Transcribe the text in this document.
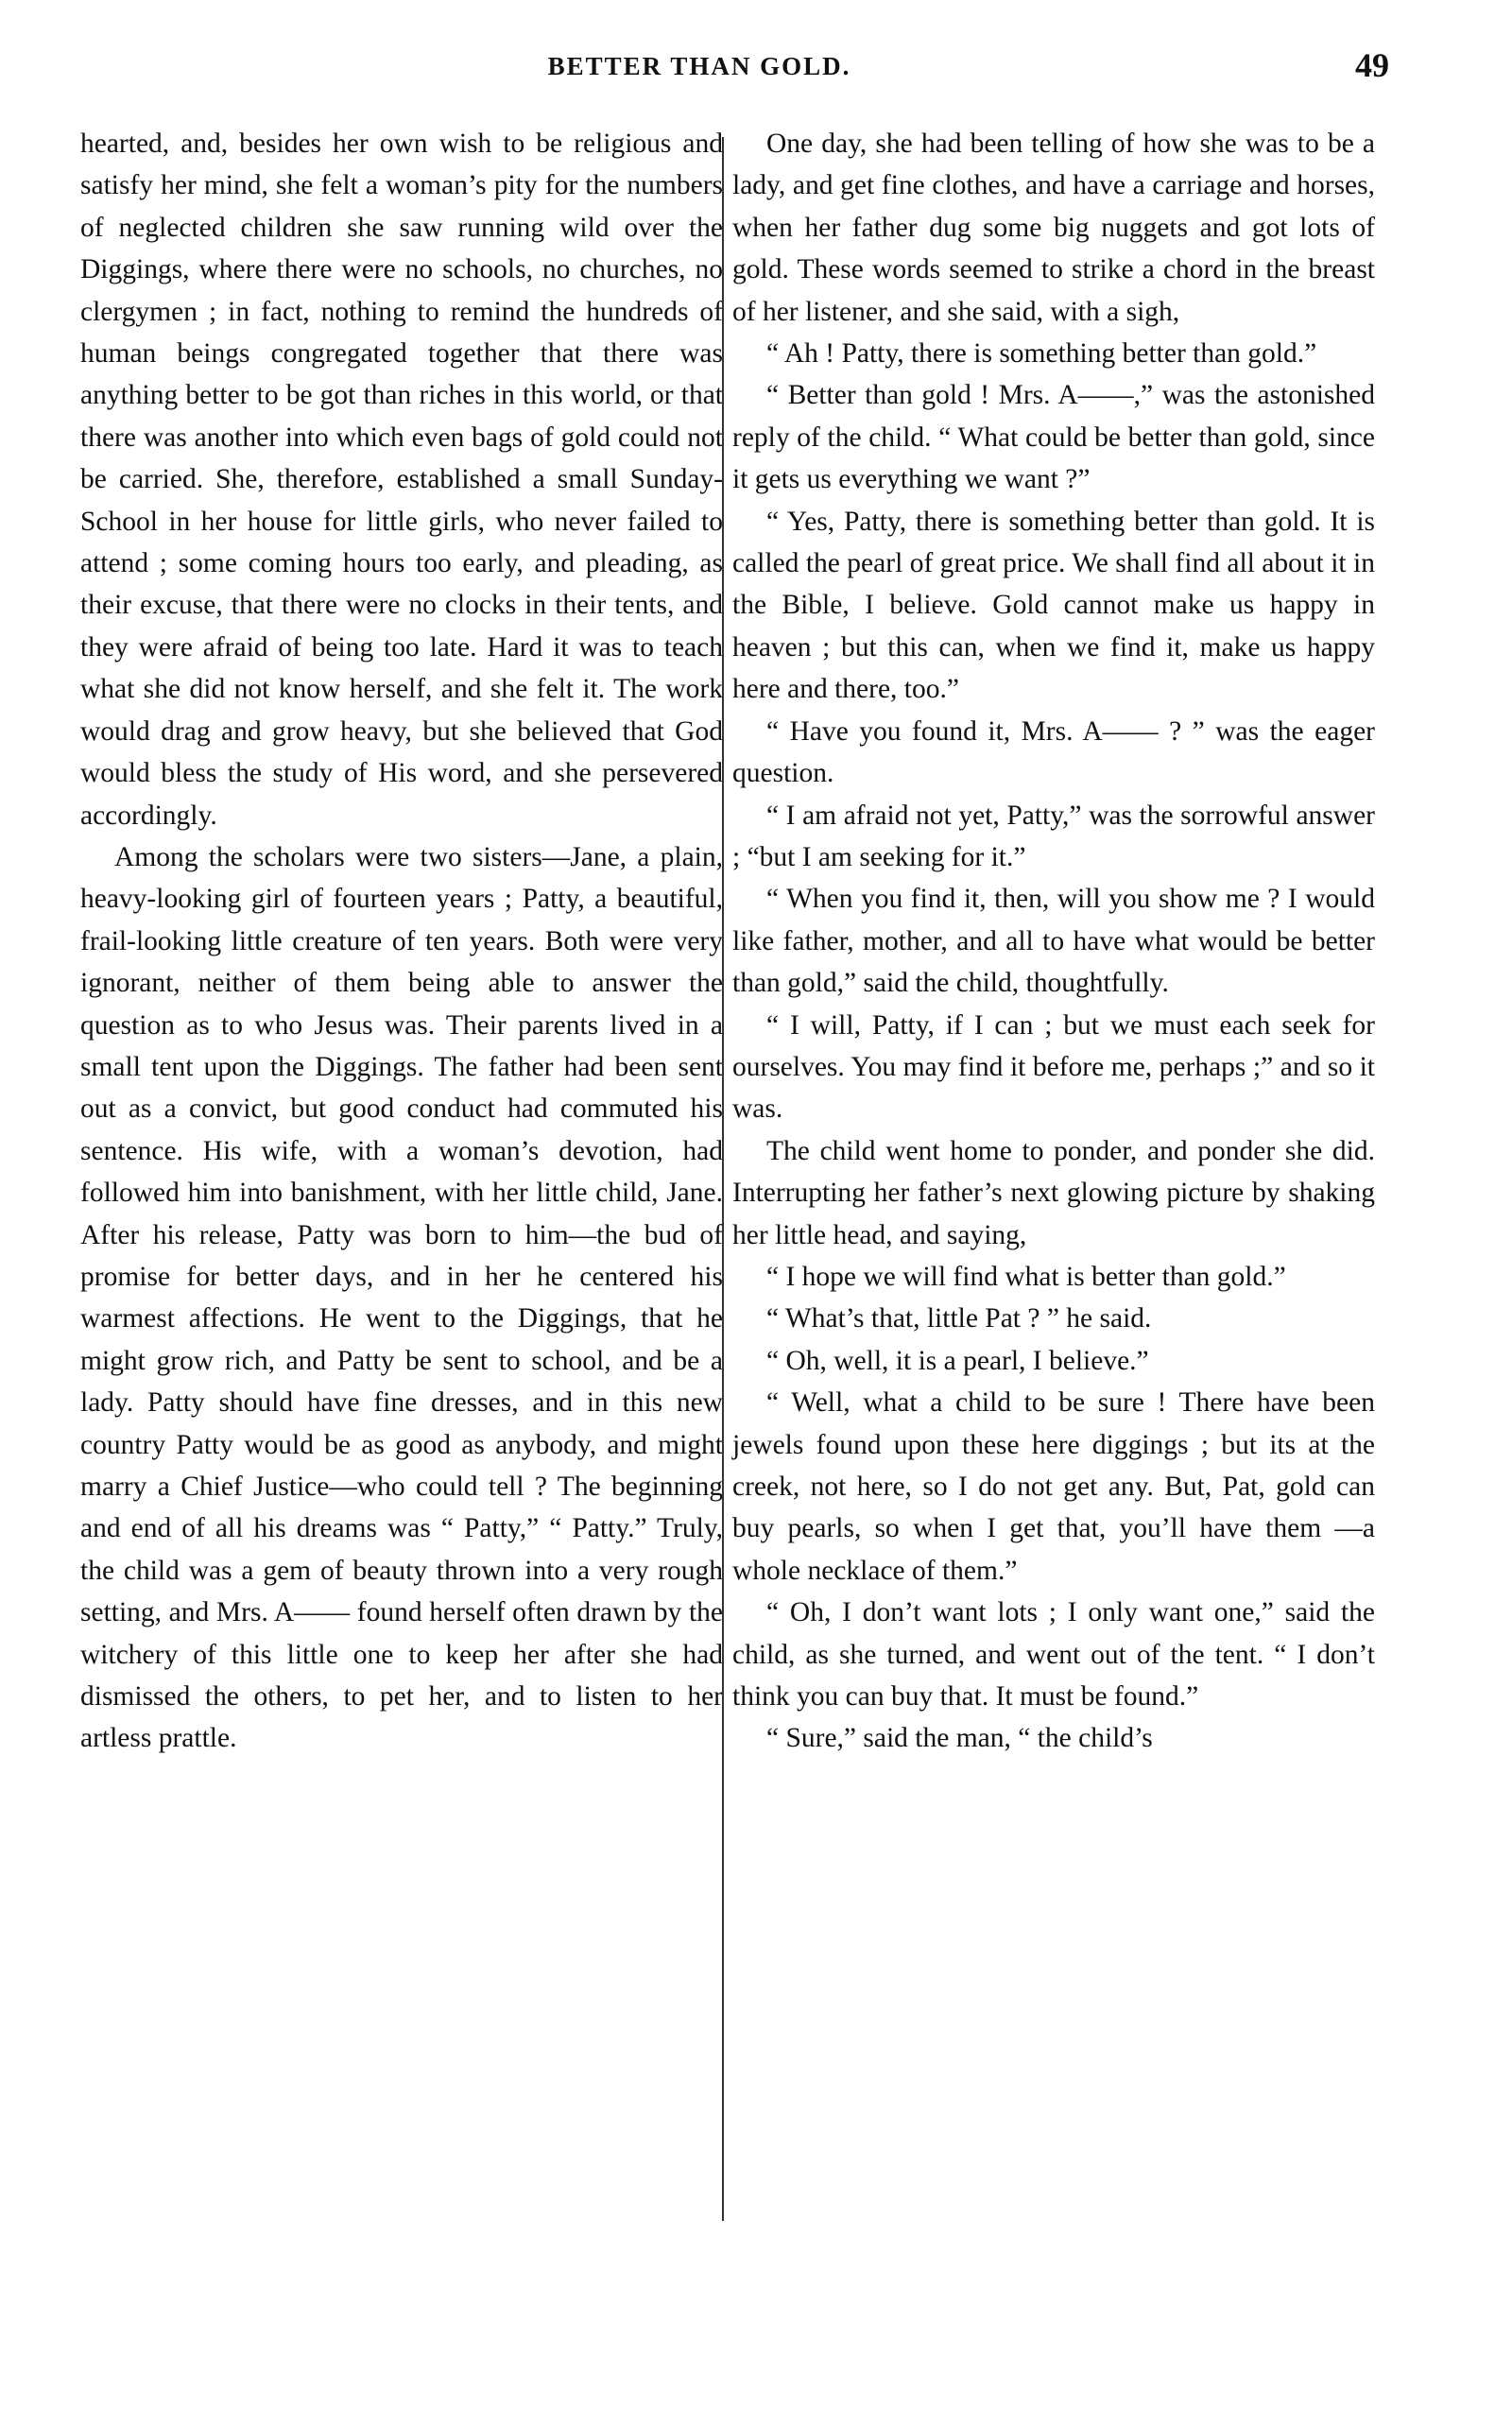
BETTER THAN GOLD.	49

hearted, and, besides her own wish to be religious and satisfy her mind, she felt a woman’s pity for the numbers of neglected children she saw running wild over the Diggings, where there were no schools, no churches, no clergymen ; in fact, nothing to remind the hundreds of human beings congregated together that there was anything better to be got than riches in this world, or that there was another into which even bags of gold could not be carried. She, therefore, established a small Sunday-School in her house for little girls, who never failed to attend ; some coming hours too early, and pleading, as their excuse, that there were no clocks in their tents, and they were afraid of being too late. Hard it was to teach what she did not know herself, and she felt it. The work would drag and grow heavy, but she believed that God would bless the study of His word, and she persevered accordingly.

Among the scholars were two sisters—Jane, a plain, heavy-looking girl of fourteen years ; Patty, a beautiful, frail-looking little creature of ten years. Both were very ignorant, neither of them being able to answer the question as to who Jesus was. Their parents lived in a small tent upon the Diggings. The father had been sent out as a convict, but good conduct had commuted his sentence. His wife, with a woman’s devotion, had followed him into banishment, with her little child, Jane. After his release, Patty was born to him—the bud of promise for better days, and in her he centered his warmest affections. He went to the Diggings, that he might grow rich, and Patty be sent to school, and be a lady. Patty should have fine dresses, and in this new country Patty would be as good as anybody, and might marry a Chief Justice—who could tell ? The beginning and end of all his dreams was “ Patty,” “ Patty.” Truly, the child was a gem of beauty thrown into a very rough setting, and Mrs. A—— found herself often drawn by the witchery of this little one to keep her after she had dismissed the others, to pet her, and to listen to her artless prattle.

One day, she had been telling of how she was to be a lady, and get fine clothes, and have a carriage and horses, when her father dug some big nuggets and got lots of gold. These words seemed to strike a chord in the breast of her listener, and she said, with a sigh,

“ Ah ! Patty, there is something better than gold.”

“ Better than gold ! Mrs. A——,” was the astonished reply of the child. “ What could be better than gold, since it gets us everything we want ?”

“ Yes, Patty, there is something better than gold. It is called the pearl of great price. We shall find all about it in the Bible, I believe. Gold cannot make us happy in heaven ; but this can, when we find it, make us happy here and there, too.”

“ Have you found it, Mrs. A—— ? ” was the eager question.

“ I am afraid not yet, Patty,” was the sorrowful answer ; “but I am seeking for it.”

“ When you find it, then, will you show me ? I would like father, mother, and all to have what would be better than gold,” said the child, thoughtfully.

“ I will, Patty, if I can ; but we must each seek for ourselves. You may find it before me, perhaps ;” and so it was.

The child went home to ponder, and ponder she did. Interrupting her father’s next glowing picture by shaking her little head, and saying,

“ I hope we will find what is better than gold.”

“ What’s that, little Pat ? ” he said.

“ Oh, well, it is a pearl, I believe.”

“ Well, what a child to be sure ! There have been jewels found upon these here diggings ; but its at the creek, not here, so I do not get any. But, Pat, gold can buy pearls, so when I get that, you’ll have them —a whole necklace of them.”

“ Oh, I don’t want lots ; I only want one,” said the child, as she turned, and went out of the tent. “ I don’t think you can buy that. It must be found.”

“ Sure,” said the man, “ the child’s
